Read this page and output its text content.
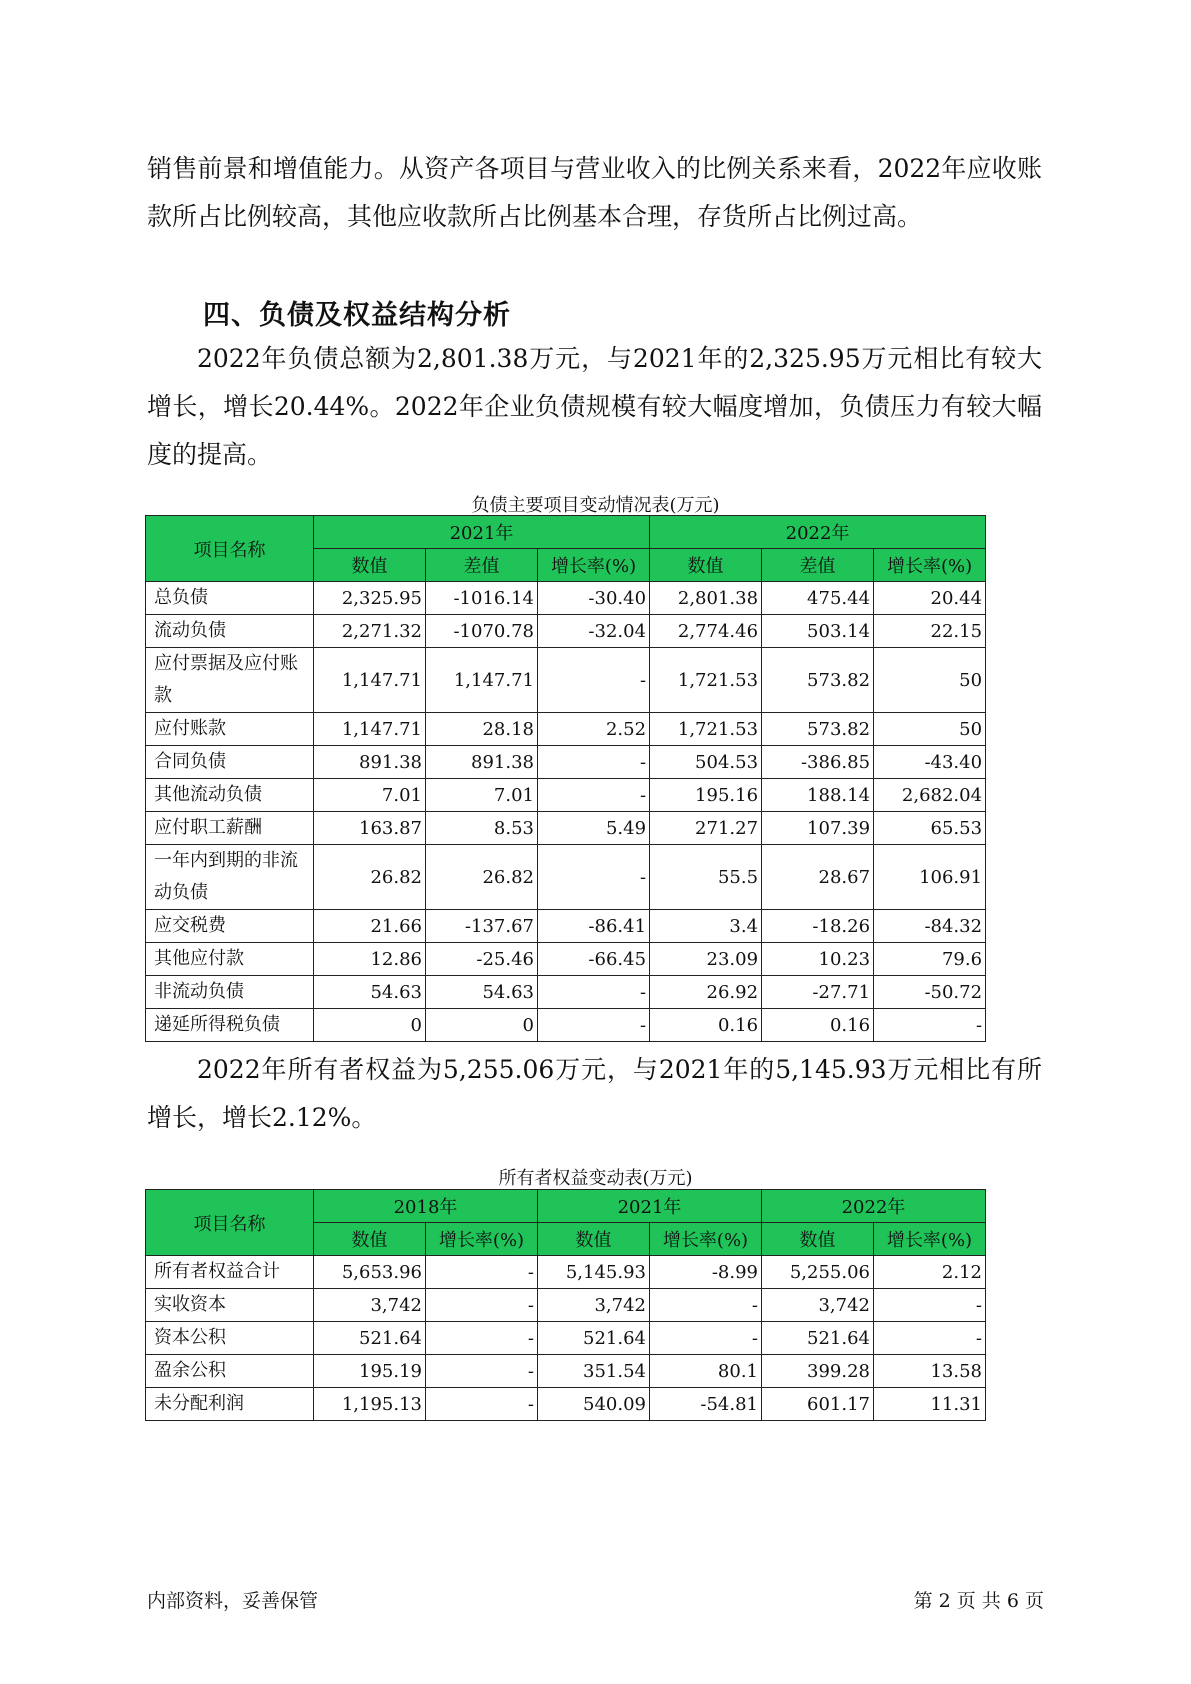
销售前景和增值能力。从资产各项目与营业收入的比例关系来看，2022年应收账款所占比例较高，其他应收款所占比例基本合理，存货所占比例过高。

四、负债及权益结构分析

2022年负债总额为2,801.38万元，与2021年的2,325.95万元相比有较大增长，增长20.44%。2022年企业负债规模有较大幅度增加，负债压力有较大幅度的提高。

负债主要项目变动情况表(万元)
项目名称	2021年			2022年		
	数值	差值	增长率(%)	数值	差值	增长率(%)
总负债	2,325.95	-1016.14	-30.40	2,801.38	475.44	20.44
流动负债	2,271.32	-1070.78	-32.04	2,774.46	503.14	22.15
应付票据及应付账款	1,147.71	1,147.71	-	1,721.53	573.82	50
应付账款	1,147.71	28.18	2.52	1,721.53	573.82	50
合同负债	891.38	891.38	-	504.53	-386.85	-43.40
其他流动负债	7.01	7.01	-	195.16	188.14	2,682.04
应付职工薪酬	163.87	8.53	5.49	271.27	107.39	65.53
一年内到期的非流动负债	26.82	26.82	-	55.5	28.67	106.91
应交税费	21.66	-137.67	-86.41	3.4	-18.26	-84.32
其他应付款	12.86	-25.46	-66.45	23.09	10.23	79.6
非流动负债	54.63	54.63	-	26.92	-27.71	-50.72
递延所得税负债	0	0	-	0.16	0.16	-

2022年所有者权益为5,255.06万元，与2021年的5,145.93万元相比有所增长，增长2.12%。

所有者权益变动表(万元)
项目名称	2018年		2021年		2022年	
	数值	增长率(%)	数值	增长率(%)	数值	增长率(%)
所有者权益合计	5,653.96	-	5,145.93	-8.99	5,255.06	2.12
实收资本	3,742	-	3,742	-	3,742	-
资本公积	521.64	-	521.64	-	521.64	-
盈余公积	195.19	-	351.54	80.1	399.28	13.58
未分配利润	1,195.13	-	540.09	-54.81	601.17	11.31
内部资料，妥善保管	第 2 页 共 6 页
